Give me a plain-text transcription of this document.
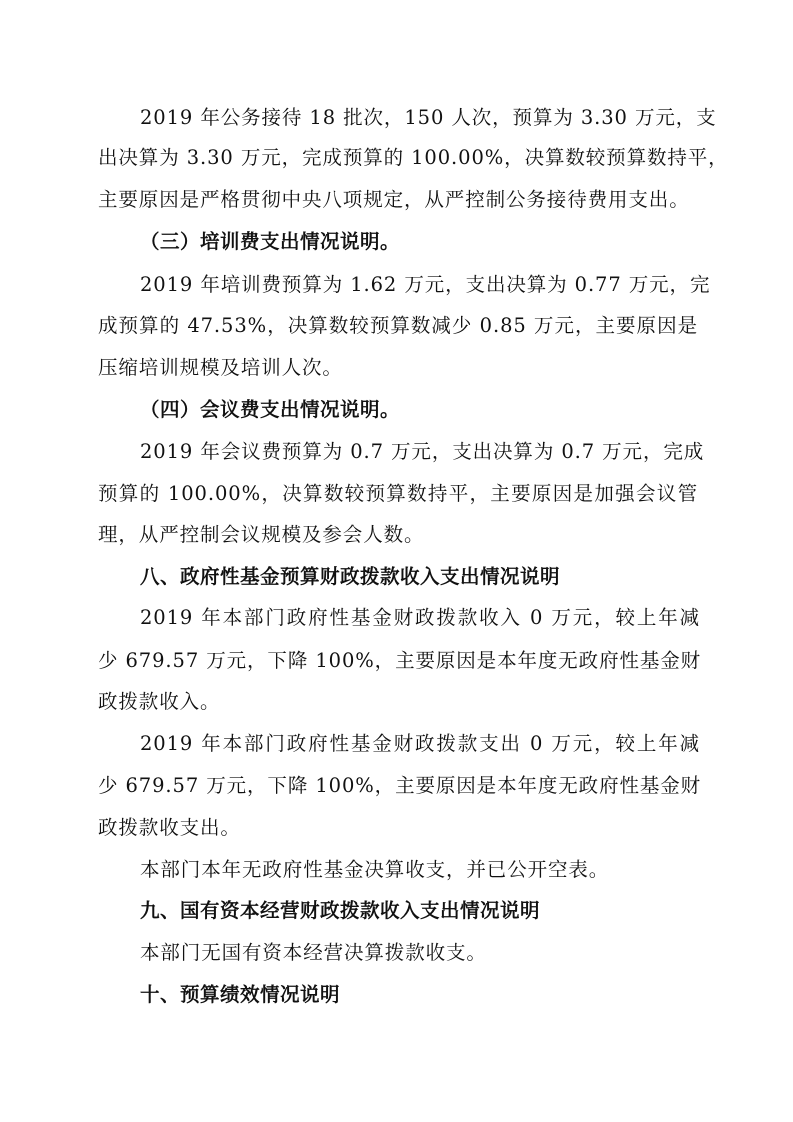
2019 年公务接待 18 批次，150 人次，预算为 3.30 万元，支
出决算为 3.30 万元，完成预算的 100.00%，决算数较预算数持平，
主要原因是严格贯彻中央八项规定，从严控制公务接待费用支出。
（三）培训费支出情况说明。
2019 年培训费预算为 1.62 万元，支出决算为 0.77 万元，完
成预算的 47.53%，决算数较预算数减少 0.85 万元，主要原因是
压缩培训规模及培训人次。
（四）会议费支出情况说明。
2019 年会议费预算为 0.7 万元，支出决算为 0.7 万元，完成
预算的 100.00%，决算数较预算数持平，主要原因是加强会议管
理，从严控制会议规模及参会人数。
八、政府性基金预算财政拨款收入支出情况说明
2019 年本部门政府性基金财政拨款收入 0 万元，较上年减
少 679.57 万元，下降 100%，主要原因是本年度无政府性基金财
政拨款收入。
2019 年本部门政府性基金财政拨款支出 0 万元，较上年减
少 679.57 万元，下降 100%，主要原因是本年度无政府性基金财
政拨款收支出。
本部门本年无政府性基金决算收支，并已公开空表。
九、国有资本经营财政拨款收入支出情况说明
本部门无国有资本经营决算拨款收支。
十、预算绩效情况说明
